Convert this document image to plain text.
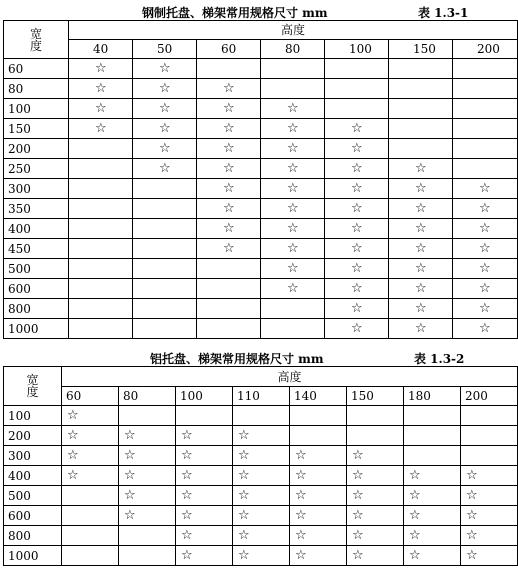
钢制托盘、梯架常用规格尺寸 mm	表 1.3-1
宽
度	高度						
	40	50	60	80	100	150	200
60	☆	☆					
80	☆	☆	☆				
100	☆	☆	☆	☆			
150	☆	☆	☆	☆	☆		
200		☆	☆	☆	☆		
250		☆	☆	☆	☆	☆	
300			☆	☆	☆	☆	☆
350			☆	☆	☆	☆	☆
400			☆	☆	☆	☆	☆
450			☆	☆	☆	☆	☆
500				☆	☆	☆	☆
600				☆	☆	☆	☆
800					☆	☆	☆
1000					☆	☆	☆
铝托盘、梯架常用规格尺寸 mm	表 1.3-2
宽
度	高度							
	60	80	100	110	140	150	180	200
100	☆							
200	☆	☆	☆	☆				
300	☆	☆	☆	☆	☆	☆		
400	☆	☆	☆	☆	☆	☆	☆	☆
500		☆	☆	☆	☆	☆	☆	☆
600		☆	☆	☆	☆	☆	☆	☆
800			☆	☆	☆	☆	☆	☆
1000			☆	☆	☆	☆	☆	☆
